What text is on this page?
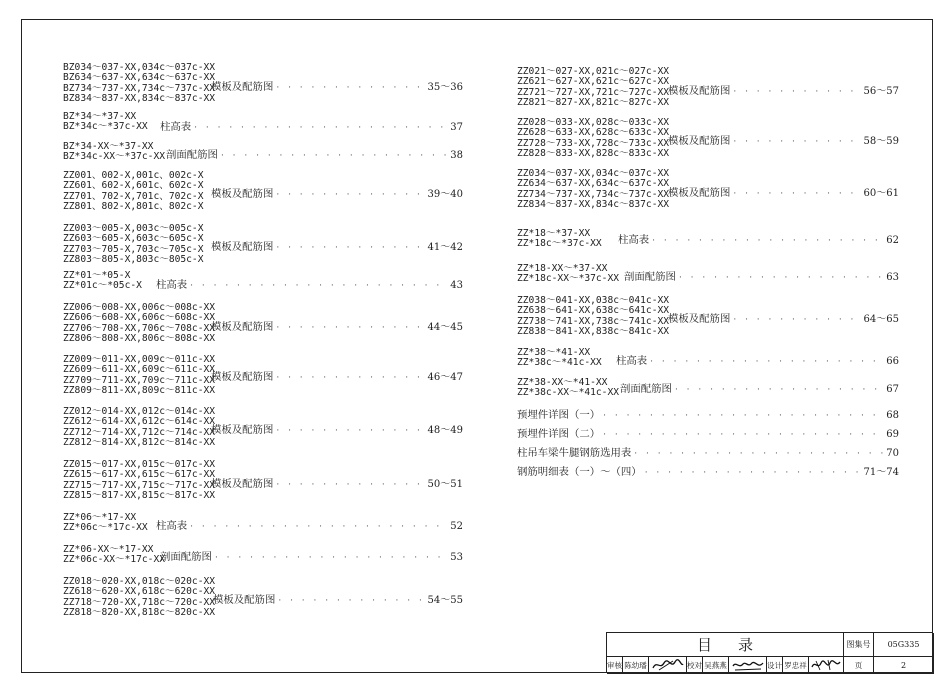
BZ034～037-XX,034c～037c-XX
BZ634～637-XX,634c～637c-XX
BZ734～737-XX,734c～737c-XX
BZ834～837-XX,834c～837c-XX
模板及配筋图 · · ·	35～36
BZ*34～*37-XX
BZ*34c～*37c-XX 柱高表 · · ·	37
BZ*34-XX～*37-XX
BZ*34c-XX～*37c-XX 剖面配筋图 · · ·	38
ZZ001、002-X,001c、002c-X
ZZ601、602-X,601c、602c-X
ZZ701、702-X,701c、702c-X
ZZ801、802-X,801c、802c-X
模板及配筋图 · · ·	39～40
ZZ003～005-X,003c～005c-X
ZZ603～605-X,603c～605c-X
ZZ703～705-X,703c～705c-X
ZZ803～805-X,803c～805c-X
模板及配筋图 · · ·	41～42
ZZ*01～*05-X
ZZ*01c～*05c-X 柱高表 · · ·	43
ZZ006～008-XX,006c～008c-XX
ZZ606～608-XX,606c～608c-XX
ZZ706～708-XX,706c～708c-XX
ZZ806～808-XX,806c～808c-XX
模板及配筋图 · · ·	44～45
ZZ009～011-XX,009c～011c-XX
ZZ609～611-XX,609c～611c-XX
ZZ709～711-XX,709c～711c-XX
ZZ809～811-XX,809c～811c-XX
模板及配筋图 · · ·	46～47
ZZ012～014-XX,012c～014c-XX
ZZ612～614-XX,612c～614c-XX
ZZ712～714-XX,712c～714c-XX
ZZ812～814-XX,812c～814c-XX
模板及配筋图 · · ·	48～49
ZZ015～017-XX,015c～017c-XX
ZZ615～617-XX,615c～617c-XX
ZZ715～717-XX,715c～717c-XX
ZZ815～817-XX,815c～817c-XX
模板及配筋图 · · ·	50～51
ZZ*06～*17-XX
ZZ*06c～*17c-XX 柱高表 · · ·	52
ZZ*06-XX～*17-XX
ZZ*06c-XX～*17c-XX
剖面配筋图 · · ·	53
ZZ018～020-XX,018c～020c-XX
ZZ618～620-XX,618c～620c-XX
ZZ718～720-XX,718c～720c-XX
ZZ818～820-XX,818c～820c-XX
模板及配筋图 · · ·	54～55
ZZ021～027-XX,021c～027c-XX
ZZ621～627-XX,621c～627c-XX
ZZ721～727-XX,721c～727c-XX
ZZ821～827-XX,821c～827c-XX
模板及配筋图 · · ·	56～57
ZZ028～033-XX,028c～033c-XX
ZZ628～633-XX,628c～633c-XX
ZZ728～733-XX,728c～733c-XX
ZZ828～833-XX,828c～833c-XX
模板及配筋图 · · ·	58～59
ZZ034～037-XX,034c～037c-XX
ZZ634～637-XX,634c～637c-XX
ZZ734～737-XX,734c～737c-XX
ZZ834～837-XX,834c～837c-XX
模板及配筋图 · · ·	60～61
ZZ*18～*37-XX
ZZ*18c～*37c-XX 柱高表 · · ·	62
ZZ*18-XX～*37-XX
ZZ*18c-XX～*37c-XX 剖面配筋图 · · ·	63
ZZ038～041-XX,038c～041c-XX
ZZ638～641-XX,638c～641c-XX
ZZ738～741-XX,738c～741c-XX
ZZ838～841-XX,838c～841c-XX
模板及配筋图 · · ·	64～65
ZZ*38～*41-XX
ZZ*38c～*41c-XX 柱高表 · · ·	66
ZZ*38-XX～*41-XX
ZZ*38c-XX～*41c-XX 剖面配筋图 · · ·	67
预埋件详图（一） · · ·	68
预埋件详图（二） · · ·	69
柱吊车梁牛腿钢筋选用表 · · ·	70
钢筋明细表（一）～（四） · · ·	71～74
目录	图集号	05G335
审核 陈幼璠	校对 吴燕燕	设计 罗忠祥	页	2
